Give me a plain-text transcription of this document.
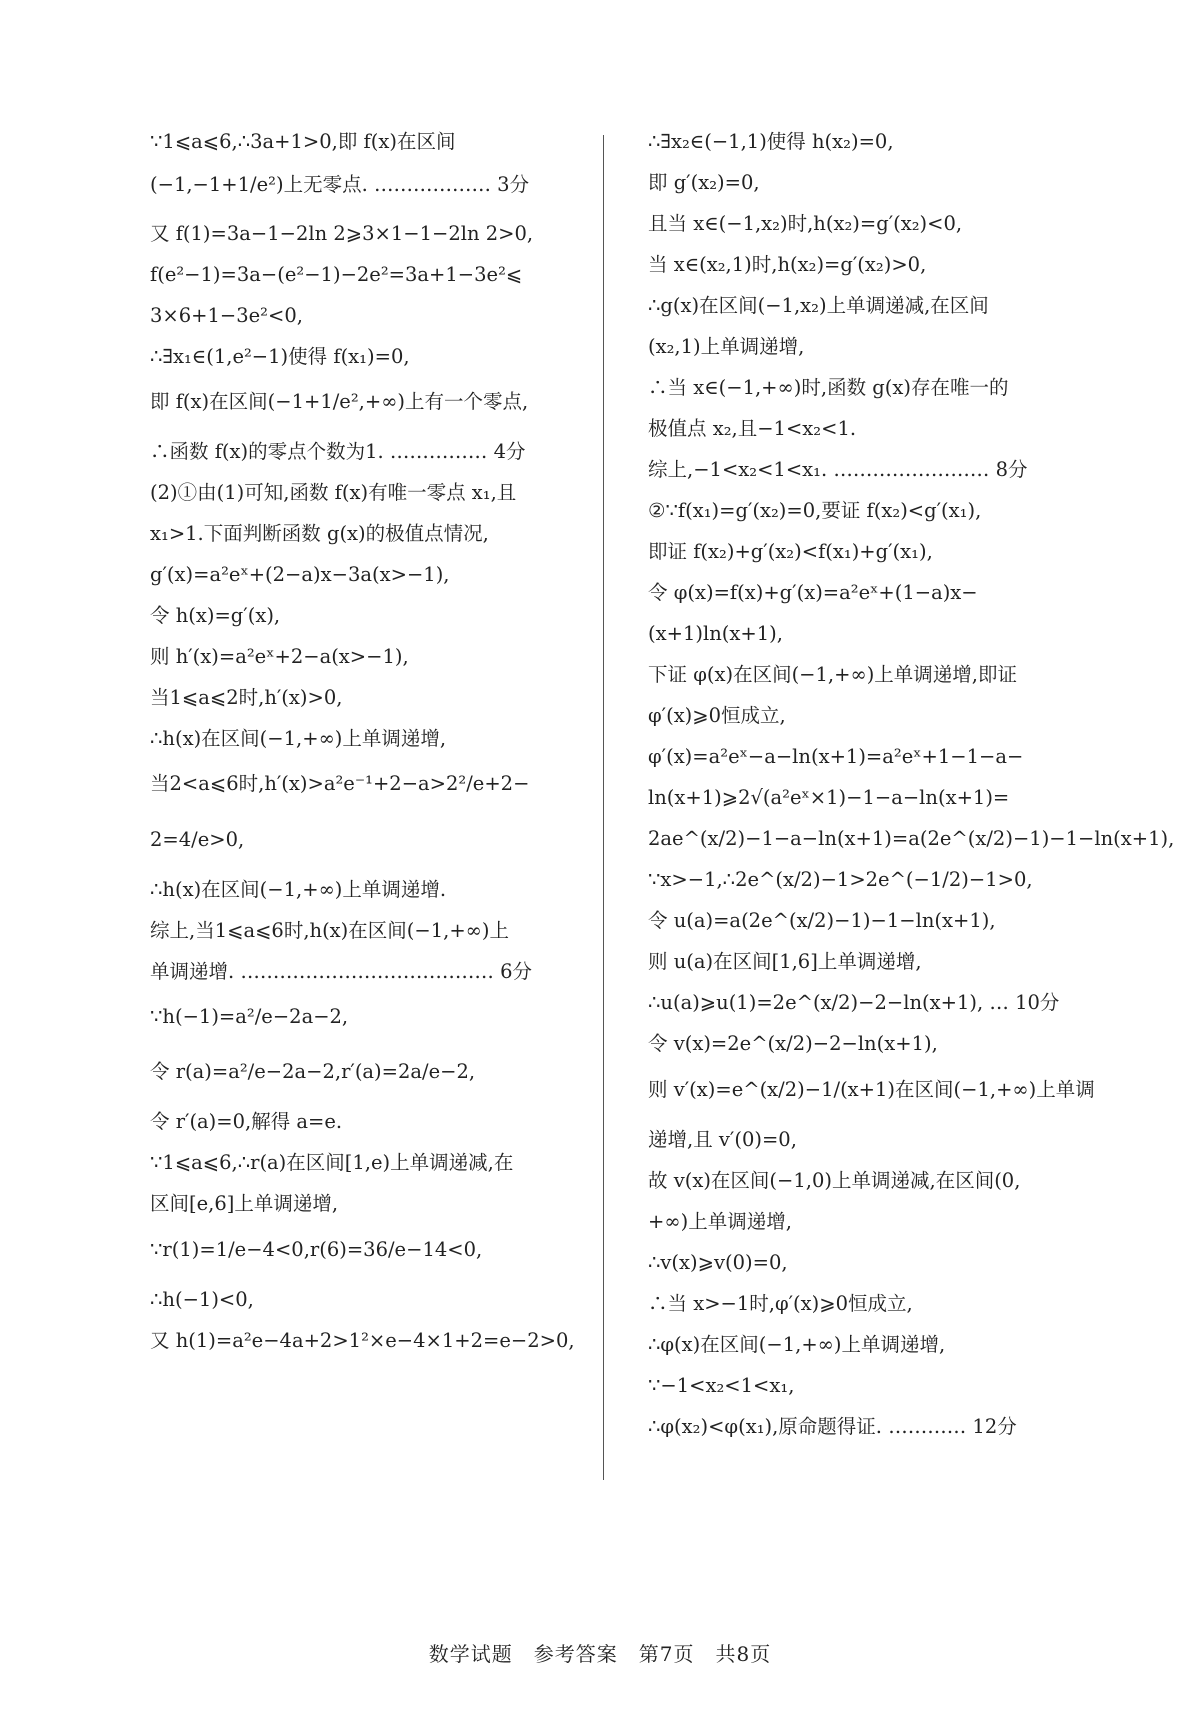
∵1⩽a⩽6,∴3a+1>0,即 f(x)在区间
(−1,−1+1/e²)上无零点. ……………… 3分
又 f(1)=3a−1−2ln 2⩾3×1−1−2ln 2>0,
f(e²−1)=3a−(e²−1)−2e²=3a+1−3e²⩽
3×6+1−3e²<0,
∴∃x₁∈(1,e²−1)使得 f(x₁)=0,
即 f(x)在区间(−1+1/e²,+∞)上有一个零点,
∴函数 f(x)的零点个数为1. …………… 4分
(2)①由(1)可知,函数 f(x)有唯一零点 x₁,且
x₁>1.下面判断函数 g(x)的极值点情况,
g′(x)=a²eˣ+(2−a)x−3a(x>−1),
令 h(x)=g′(x),
则 h′(x)=a²eˣ+2−a(x>−1),
当1⩽a⩽2时,h′(x)>0,
∴h(x)在区间(−1,+∞)上单调递增,
当2<a⩽6时,h′(x)>a²e⁻¹+2−a>2²/e+2−
2=4/e>0,
∴h(x)在区间(−1,+∞)上单调递增.
综上,当1⩽a⩽6时,h(x)在区间(−1,+∞)上
单调递增. ………………………………… 6分
∵h(−1)=a²/e−2a−2,
令 r(a)=a²/e−2a−2,r′(a)=2a/e−2,
令 r′(a)=0,解得 a=e.
∵1⩽a⩽6,∴r(a)在区间[1,e)上单调递减,在
区间[e,6]上单调递增,
∵r(1)=1/e−4<0,r(6)=36/e−14<0,
∴h(−1)<0,
又 h(1)=a²e−4a+2>1²×e−4×1+2=e−2>0,
∴∃x₂∈(−1,1)使得 h(x₂)=0,
即 g′(x₂)=0,
且当 x∈(−1,x₂)时,h(x₂)=g′(x₂)<0,
当 x∈(x₂,1)时,h(x₂)=g′(x₂)>0,
∴g(x)在区间(−1,x₂)上单调递减,在区间
(x₂,1)上单调递增,
∴当 x∈(−1,+∞)时,函数 g(x)存在唯一的
极值点 x₂,且−1<x₂<1.
综上,−1<x₂<1<x₁. …………………… 8分
②∵f(x₁)=g′(x₂)=0,要证 f(x₂)<g′(x₁),
即证 f(x₂)+g′(x₂)<f(x₁)+g′(x₁),
令 φ(x)=f(x)+g′(x)=a²eˣ+(1−a)x−
(x+1)ln(x+1),
下证 φ(x)在区间(−1,+∞)上单调递增,即证
φ′(x)⩾0恒成立,
φ′(x)=a²eˣ−a−ln(x+1)=a²eˣ+1−1−a−
ln(x+1)⩾2√(a²eˣ×1)−1−a−ln(x+1)=
2ae^(x/2)−1−a−ln(x+1)=a(2e^(x/2)−1)−1−ln(x+1),
∵x>−1,∴2e^(x/2)−1>2e^(−1/2)−1>0,
令 u(a)=a(2e^(x/2)−1)−1−ln(x+1),
则 u(a)在区间[1,6]上单调递增,
∴u(a)⩾u(1)=2e^(x/2)−2−ln(x+1), … 10分
令 v(x)=2e^(x/2)−2−ln(x+1),
则 v′(x)=e^(x/2)−1/(x+1)在区间(−1,+∞)上单调
递增,且 v′(0)=0,
故 v(x)在区间(−1,0)上单调递减,在区间(0,
+∞)上单调递增,
∴v(x)⩾v(0)=0,
∴当 x>−1时,φ′(x)⩾0恒成立,
∴φ(x)在区间(−1,+∞)上单调递增,
∵−1<x₂<1<x₁,
∴φ(x₂)<φ(x₁),原命题得证. ………… 12分
数学试题　参考答案　第7页　共8页
